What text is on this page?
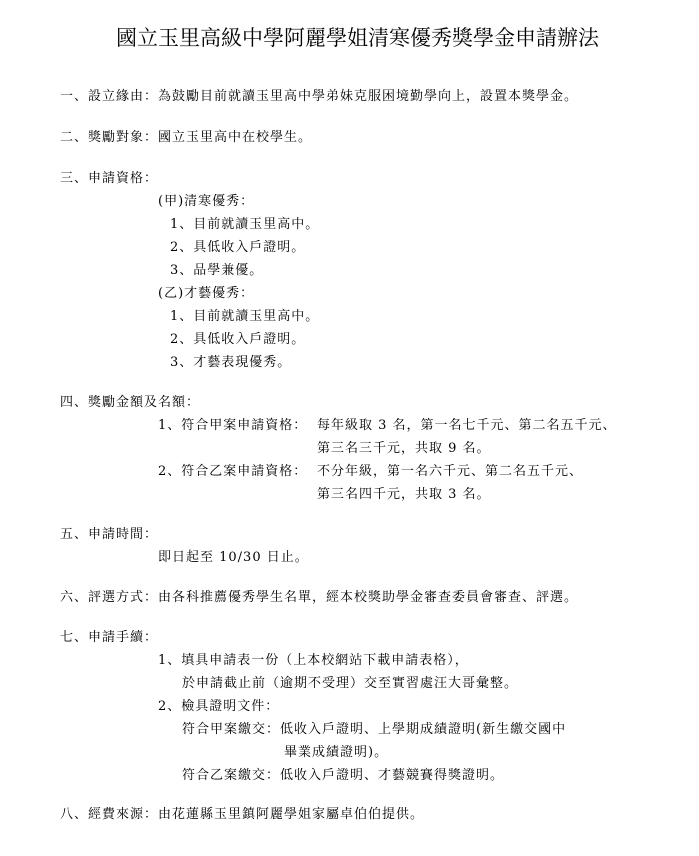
國立玉里高級中學阿麗學姐清寒優秀獎學金申請辦法
一、設立緣由：為鼓勵目前就讀玉里高中學弟妹克服困境勤學向上，設置本獎學金。
二、獎勵對象：國立玉里高中在校學生。
三、申請資格：
(甲)清寒優秀：
1、目前就讀玉里高中。
2、具低收入戶證明。
3、品學兼優。
(乙)才藝優秀：
1、目前就讀玉里高中。
2、具低收入戶證明。
3、才藝表現優秀。
四、獎勵金額及名額：
1、符合甲案申請資格： 每年級取 3 名，第一名七千元、第二名五千元、
第三名三千元，共取 9 名。
2、符合乙案申請資格： 不分年級，第一名六千元、第二名五千元、
第三名四千元，共取 3 名。
五、申請時間：
即日起至 10/30 日止。
六、評選方式：由各科推薦優秀學生名單，經本校獎助學金審查委員會審查、評選。
七、申請手續：
1、填具申請表一份（上本校網站下載申請表格），
於申請截止前（逾期不受理）交至實習處汪大哥彙整。
2、檢具證明文件：
符合甲案繳交：低收入戶證明、上學期成績證明(新生繳交國中
畢業成績證明)。
符合乙案繳交：低收入戶證明、才藝競賽得獎證明。
八、經費來源：由花蓮縣玉里鎮阿麗學姐家屬卓伯伯提供。
